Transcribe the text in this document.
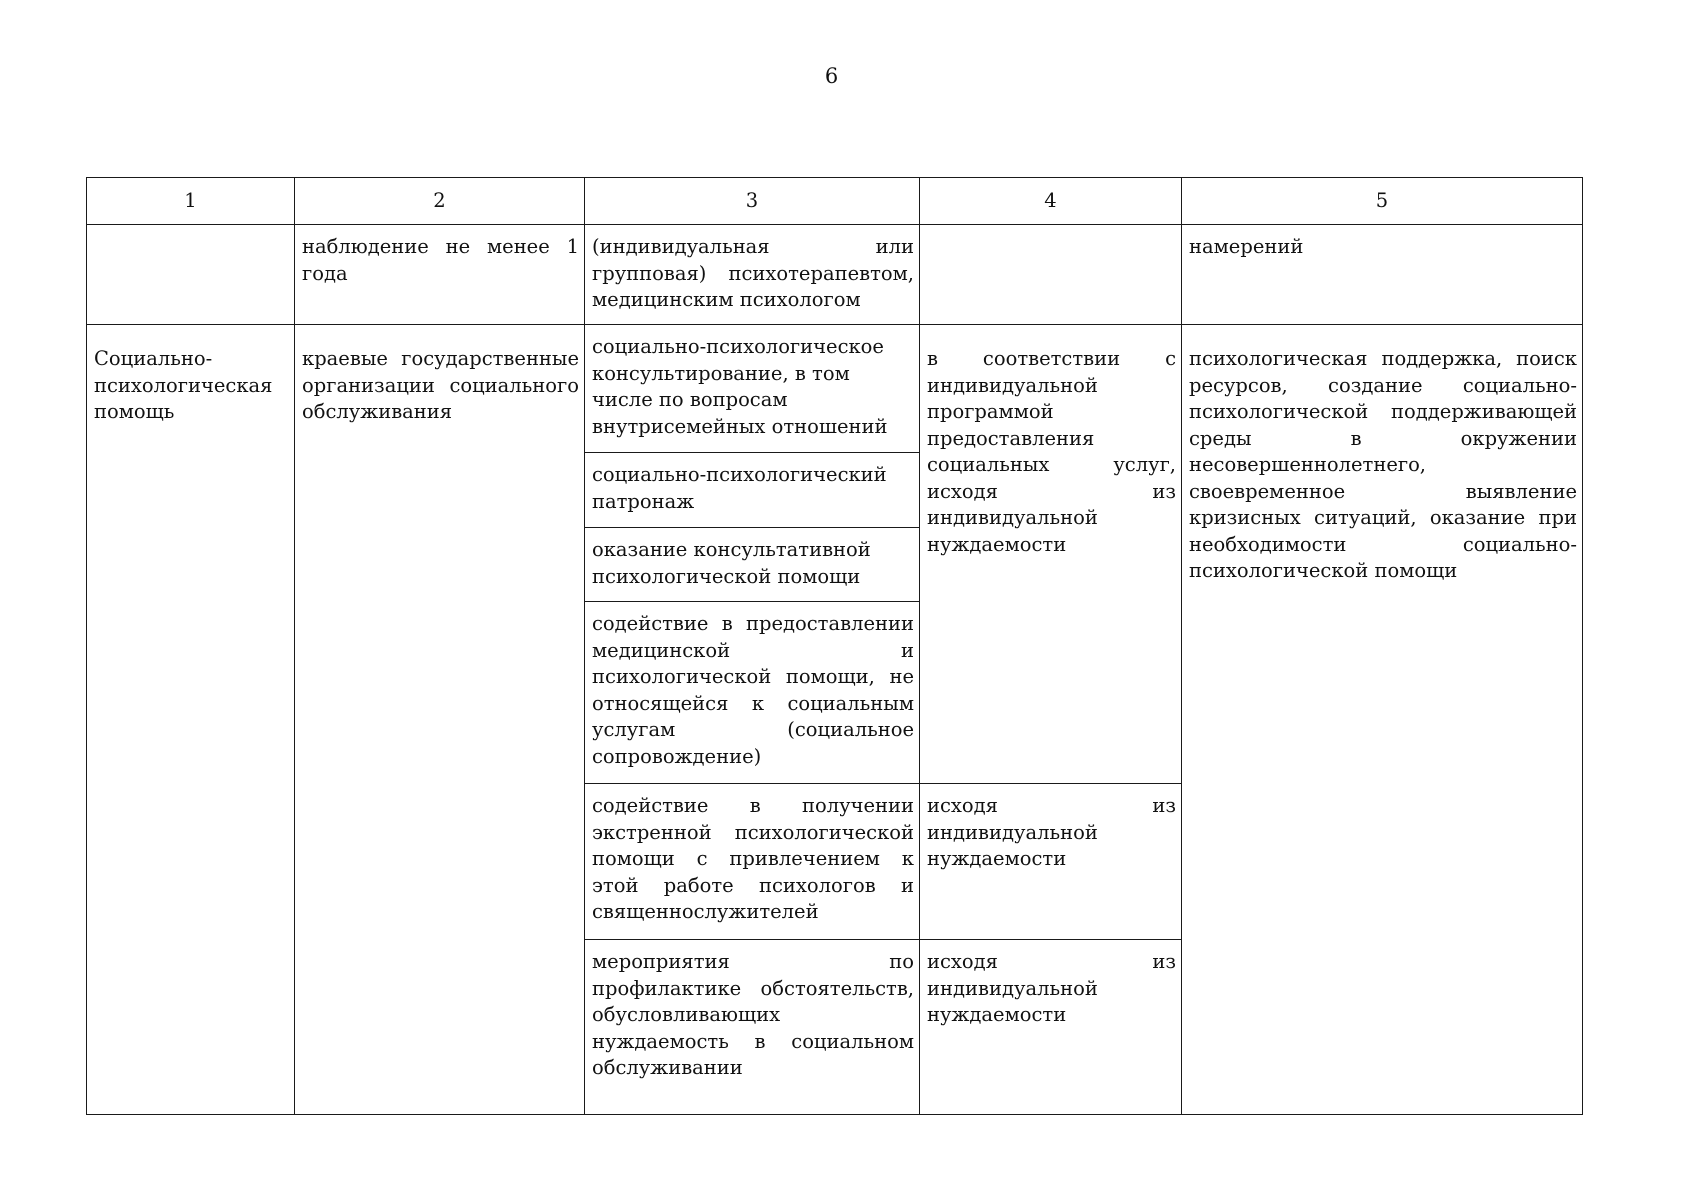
6
1	2	3	4	5
	наблюдение не менее 1 года	(индивидуальная или групповая) психотерапевтом, медицинским психологом		намерений
Социально-психологическая помощь	краевые государственные организации социального обслуживания	социально-психологическое консультирование, в том числе по вопросам внутрисемейных отношений	в соответствии с индивидуальной программой предоставления социальных услуг, исходя из индивидуальной нуждаемости	психологическая поддержка, поиск ресурсов, создание социально-психологической поддерживающей среды в окружении несовершеннолетнего, своевременное выявление кризисных ситуаций, оказание при необходимости социально-психологической помощи
		социально-психологический патронаж		
		оказание консультативной психологической помощи		
		содействие в предоставлении медицинской и психологической помощи, не относящейся к социальным услугам (социальное сопровождение)		
		содействие в получении экстренной психологической помощи с привлечением к этой работе психологов и священнослужителей	исходя из индивидуальной нуждаемости	
		мероприятия по профилактике обстоятельств, обусловливающих нуждаемость в социальном обслуживании	исходя из индивидуальной нуждаемости	
